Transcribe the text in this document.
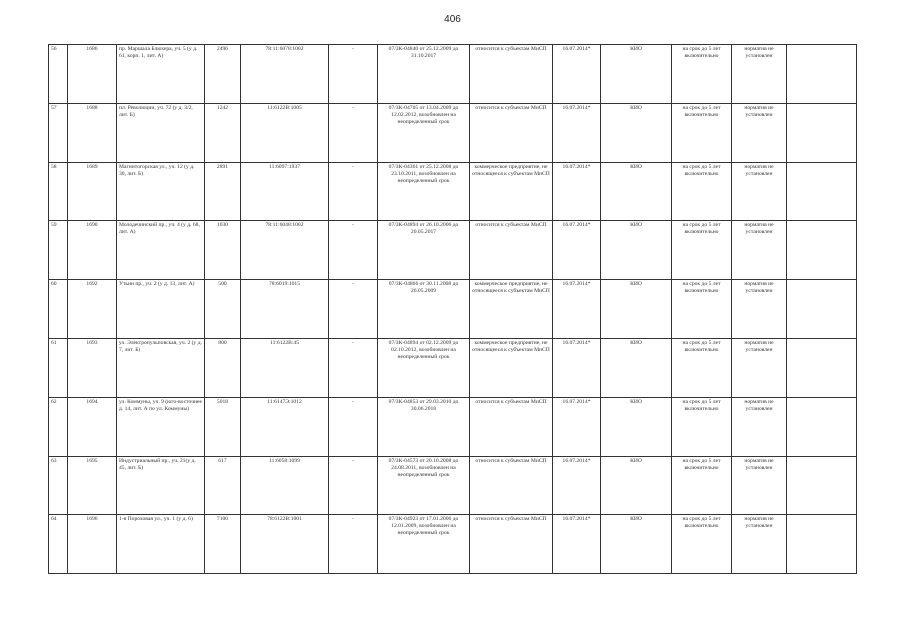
406
56	1686	пр. Маршала Блюхера, уч. 5 (у д. 61, корп. 1, лит. А)	2496	78:11:6078:1002	-	07/ЗК-04840 от 25.12.2009 до 31.10.2017	относится к субъектам МиСП	16.07.2014*	КИО	на срок до 5 лет включительно	норматив не установлен	
57	1688	пл. Революции, уч. 72 (у д. 3/2, лит. Б)	1242	11:6122В:1005	-	07/ЗК-04705 от 13.04.2009 до 12.02.2012, возобновлен на неопределенный срок	относится к субъектам МиСП	16.07.2014*	КИО	на срок до 5 лет включительно	норматив не установлен	
58	1689	Магнитогорская ул., уч. 12 (у д. 30, лит. Б)	2891	11:6097:1937	-	07/ЗК-04361 от 25.12.2008 до 23.10.2011, возобновлен на неопределенный срок	коммерческое предприятие, не относящееся к субъектам МиСП	16.07.2014*	КИО	на срок до 5 лет включительно	норматив не установлен	
59	1690	Молодечинский пр., уч. 4 (у д. 68, лит. А)	1030	78:11:6048:1002	-	07/ЗК-04894 от 26.10.2006 до 20.05.2017	относится к субъектам МиСП	16.07.2014*	КИО	на срок до 5 лет включительно	норматив не установлен	
60	1692	Утьин пр., уч. 2 (у д. 13, лит. А)	500	78:6019:1015	-	07/ЗК-04866 от 30.11.2008 до 26.05.2009	коммерческое предприятие, не относящееся к субъектам МиСП	16.07.2014*	КИО	на срок до 5 лет включительно	норматив не установлен	
61	1693	ул. Электропульповская, уч. 2 (у д. 7, лит. Б)	800	11:6122В:45	-	07/ЗК-04894 от 02.12.2009 до 02.10.2012, возобновлен на неопределенный срок	коммерческое предприятие, не относящееся к субъектам МиСП	16.07.2014*	КИО	на срок до 5 лет включительно	норматив не установлен	
62	1694	ул. Коммуны, уч. 9 (юго-восточнее д. 14, лит. А по ул. Коммуны)	5018	11:6147Э:1012	-	07/ЗК-04853 от 29.03.2010 до 30.06.2018	относится к субъектам МиСП	16.07.2014*	КИО	на срок до 5 лет включительно	норматив не установлен	
63	1695	Индустриальный пр., уч. 21(у д. 45, лит. Б)	617	11:6058:1099	-	07/ЗК-04573 от 20.10.2008 до 24.08.2011, возобновлен на неопределенный срок	относится к субъектам МиСП	16.07.2014*	КИО	на срок до 5 лет включительно	норматив не установлен	
64	1696	1-я Пороховая ул., уч. 1 (у д. 6)	7100	78:6122В:1001	-	07/ЗК-04923 от 17.01.2006 до 12.01.2009, возобновлен на неопределенный срок	относится к субъектам МиСП	16.07.2014*	КИО	на срок до 5 лет включительно	норматив не установлен	
